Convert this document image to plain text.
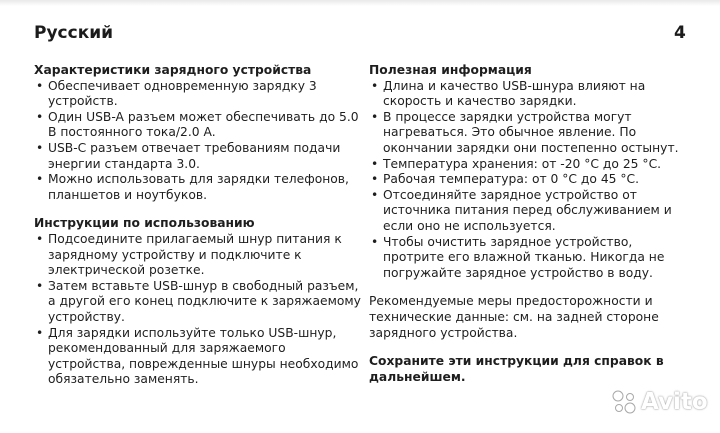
Русский	4

Характеристики зарядного устройства

• Обеспечивает одновременную зарядку 3 устройств.
• Один USB-A разъем может обеспечивать до 5.0 В постоянного тока/2.0 A.
• USB-C разъем отвечает требованиям подачи энергии стандарта 3.0.
• Можно использовать для зарядки телефонов, планшетов и ноутбуков.

Инструкции по использованию

• Подсоедините прилагаемый шнур питания к зарядному устройству и подключите к электрической розетке.
• Затем вставьте USB-шнур в свободный разъем, а другой его конец подключите к заряжаемому устройству.
• Для зарядки используйте только USB-шнур, рекомендованный для заряжаемого устройства, поврежденные шнуры необходимо обязательно заменять.

Полезная информация

• Длина и качество USB-шнура влияют на скорость и качество зарядки.
• В процессе зарядки устройства могут нагреваться. Это обычное явление. По окончании зарядки они постепенно остынут.
• Температура хранения: от -20 °C до 25 °C.
• Рабочая температура: от 0 °C до 45 °C.
• Отсоединяйте зарядное устройство от источника питания перед обслуживанием и если оно не используется.
• Чтобы очистить зарядное устройство, протрите его влажной тканью. Никогда не погружайте зарядное устройство в воду.

Рекомендуемые меры предосторожности и технические данные: см. на задней стороне зарядного устройства.

Сохраните эти инструкции для справок в дальнейшем.

Avito
